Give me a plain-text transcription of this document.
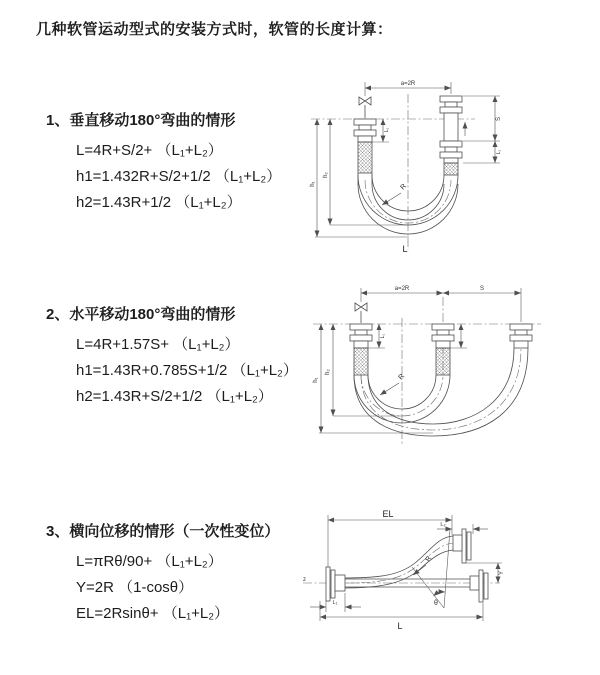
几种软管运动型式的安装方式时，软管的长度计算：
1、垂直移动180°弯曲的情形
L=4R+S/2+ （L₁+L₂）
h1=1.432R+S/2+1/2 （L₁+L₂）
h2=1.43R+1/2 （L₁+L₂）
2、水平移动180°弯曲的情形
L=4R+1.57S+ （L₁+L₂）
h1=1.43R+0.785S+1/2 （L₁+L₂）
h2=1.43R+S/2+1/2 （L₁+L₂）
3、横向位移的情形（一次性变位）
L=πRθ/90+ （L₁+L₂）
Y=2R （1-cosθ）
EL=2Rsinθ+ （L₁+L₂）
a=2R
h₁
h₂
L₁
S
L₁
R
L
a=2R	S
L₁
h₁
h₂
R
z
EL
L₂
θ
R
Y
L₁
L
